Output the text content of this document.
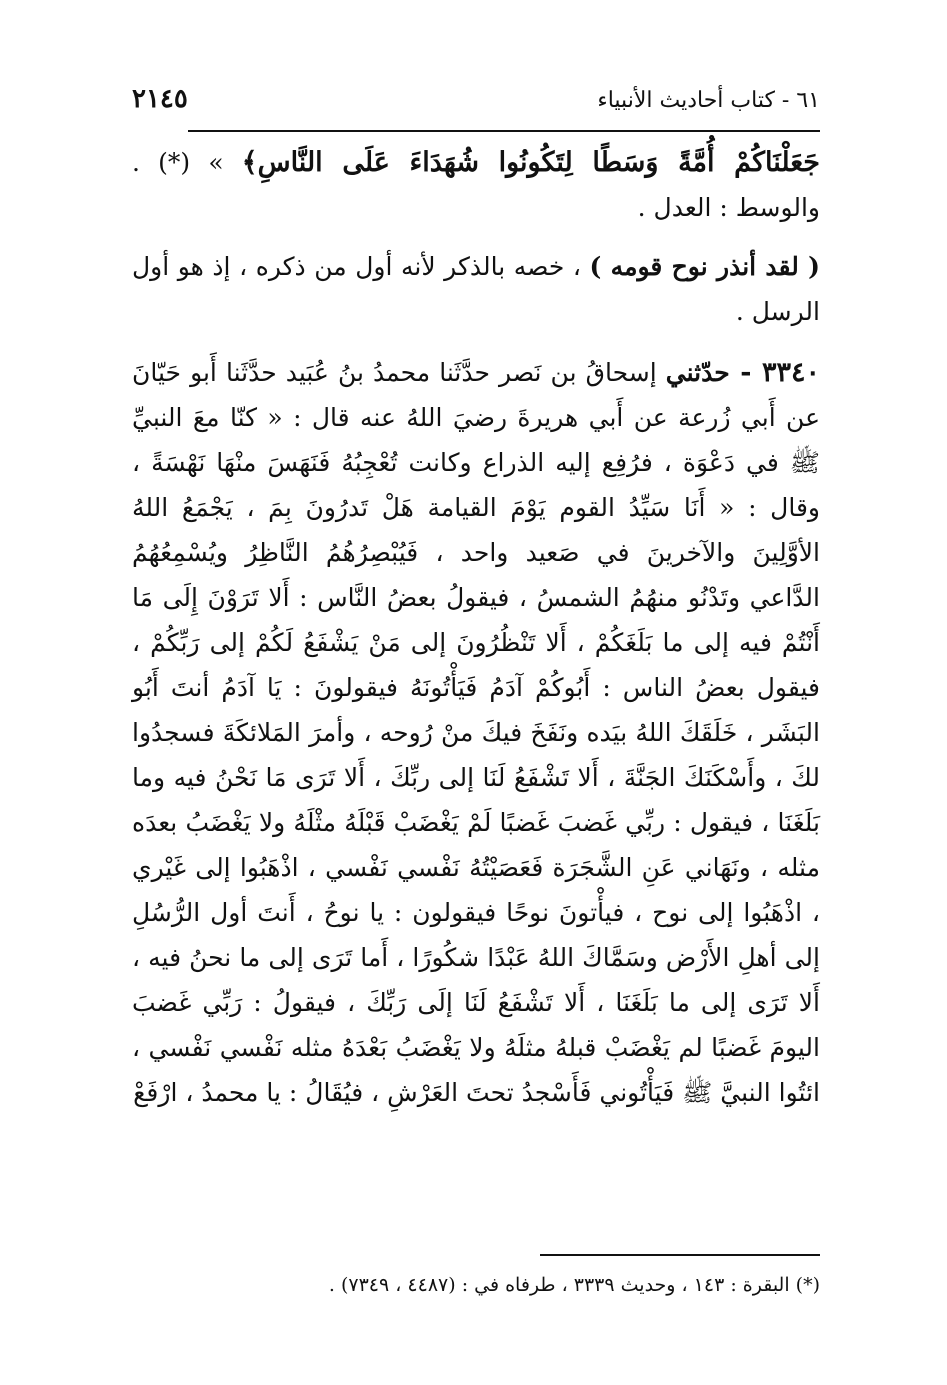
٦١ - كتاب أحاديث الأنبياء
٢١٤٥

جَعَلْنَاكُمْ أُمَّةً وَسَطًا لِتَكُونُوا شُهَدَاءَ عَلَى النَّاسِ﴾ » (*) . والوسط : العدل .

( لقد أنذر نوح قومه ) ، خصه بالذكر لأنه أول من ذكره ، إذ هو أول الرسل .

٣٣٤٠ - حدّثني إسحاقُ بن نَصر حدَّثَنا محمدُ بنُ عُبَيد حدَّثَنا أَبو حَيّانَ عن أَبي زُرعة عن أَبي هريرةَ رضيَ اللهُ عنه قال : « كنّا معَ النبيِّ ﷺ في دَعْوَة ، فرُفِع إليه الذراع وكانت تُعْجِبُهُ فَنَهَسَ منْهَا نَهْسَةً ، وقال : « أَنَا سَيِّدُ القوم يَوْمَ القيامة هَلْ تَدرُونَ بِمَ ، يَجْمَعُ اللهُ الأوَّلِينَ والآخرينَ في صَعيد واحد ، فَيُبْصِرُهُمُ النَّاظِرُ ويُسْمِعُهُمُ الدَّاعي وتَدْنُو منهُمُ الشمسُ ، فيقولُ بعضُ النَّاس : أَلا تَرَوْنَ إِلَى مَا أَنْتُمْ فيه إلى ما بَلَغَكُمْ ، أَلا تَنْظُرُونَ إلى مَنْ يَشْفَعُ لَكُمْ إلى رَبِّكُمْ ، فيقول بعضُ الناس : أَبُوكُمْ آدَمُ فَيَأْتُونَهُ فيقولونَ : يَا آدَمُ أنتَ أَبُو البَشَر ، خَلَقَكَ اللهُ بيَده ونَفَخَ فيكَ منْ رُوحه ، وأمرَ المَلائكَةَ فسجدُوا لكَ ، وأَسْكَنَكَ الجَنَّةَ ، أَلا تَشْفَعُ لَنَا إلى ربِّكَ ، أَلا تَرَى مَا نَحْنُ فيه وما بَلَغَنَا ، فيقول : ربِّي غَضبَ غَضبًا لَمْ يَغْضَبْ قَبْلَهُ مثْلَهُ ولا يَغْضَبُ بعدَه مثله ، ونَهَاني عَنِ الشَّجَرَة فَعَصَيْتُهُ نَفْسي نَفْسي ، اذْهَبُوا إلى غَيْري ، اذْهَبُوا إلى نوح ، فيأْتونَ نوحًا فيقولون : يا نوحُ ، أَنتَ أول الرُّسُلِ إلى أهلِ الأَرْض وسَمَّاكَ اللهُ عَبْدًا شكُورًا ، أَما تَرَى إلى ما نحنُ فيه ، أَلا تَرَى إلى ما بَلَغَنَا ، أَلا تَشْفَعُ لَنَا إلَى رَبِّكَ ، فيقولُ : رَبِّي غَضبَ اليومَ غَضبًا لم يَغْضَبْ قبلهُ مثلَهُ ولا يَغْضَبُ بَعْدَهُ مثله نَفْسي نَفْسي ، ائتُوا النبيَّ ﷺ فَيَأْتُوني فَأَسْجدُ تحتَ العَرْشِ ، فيُقَالُ : يا محمدُ ، ارْفَعْ

(*) البقرة : ١٤٣ ، وحديث ٣٣٣٩ ، طرفاه في : (٤٤٨٧ ، ٧٣٤٩) .
